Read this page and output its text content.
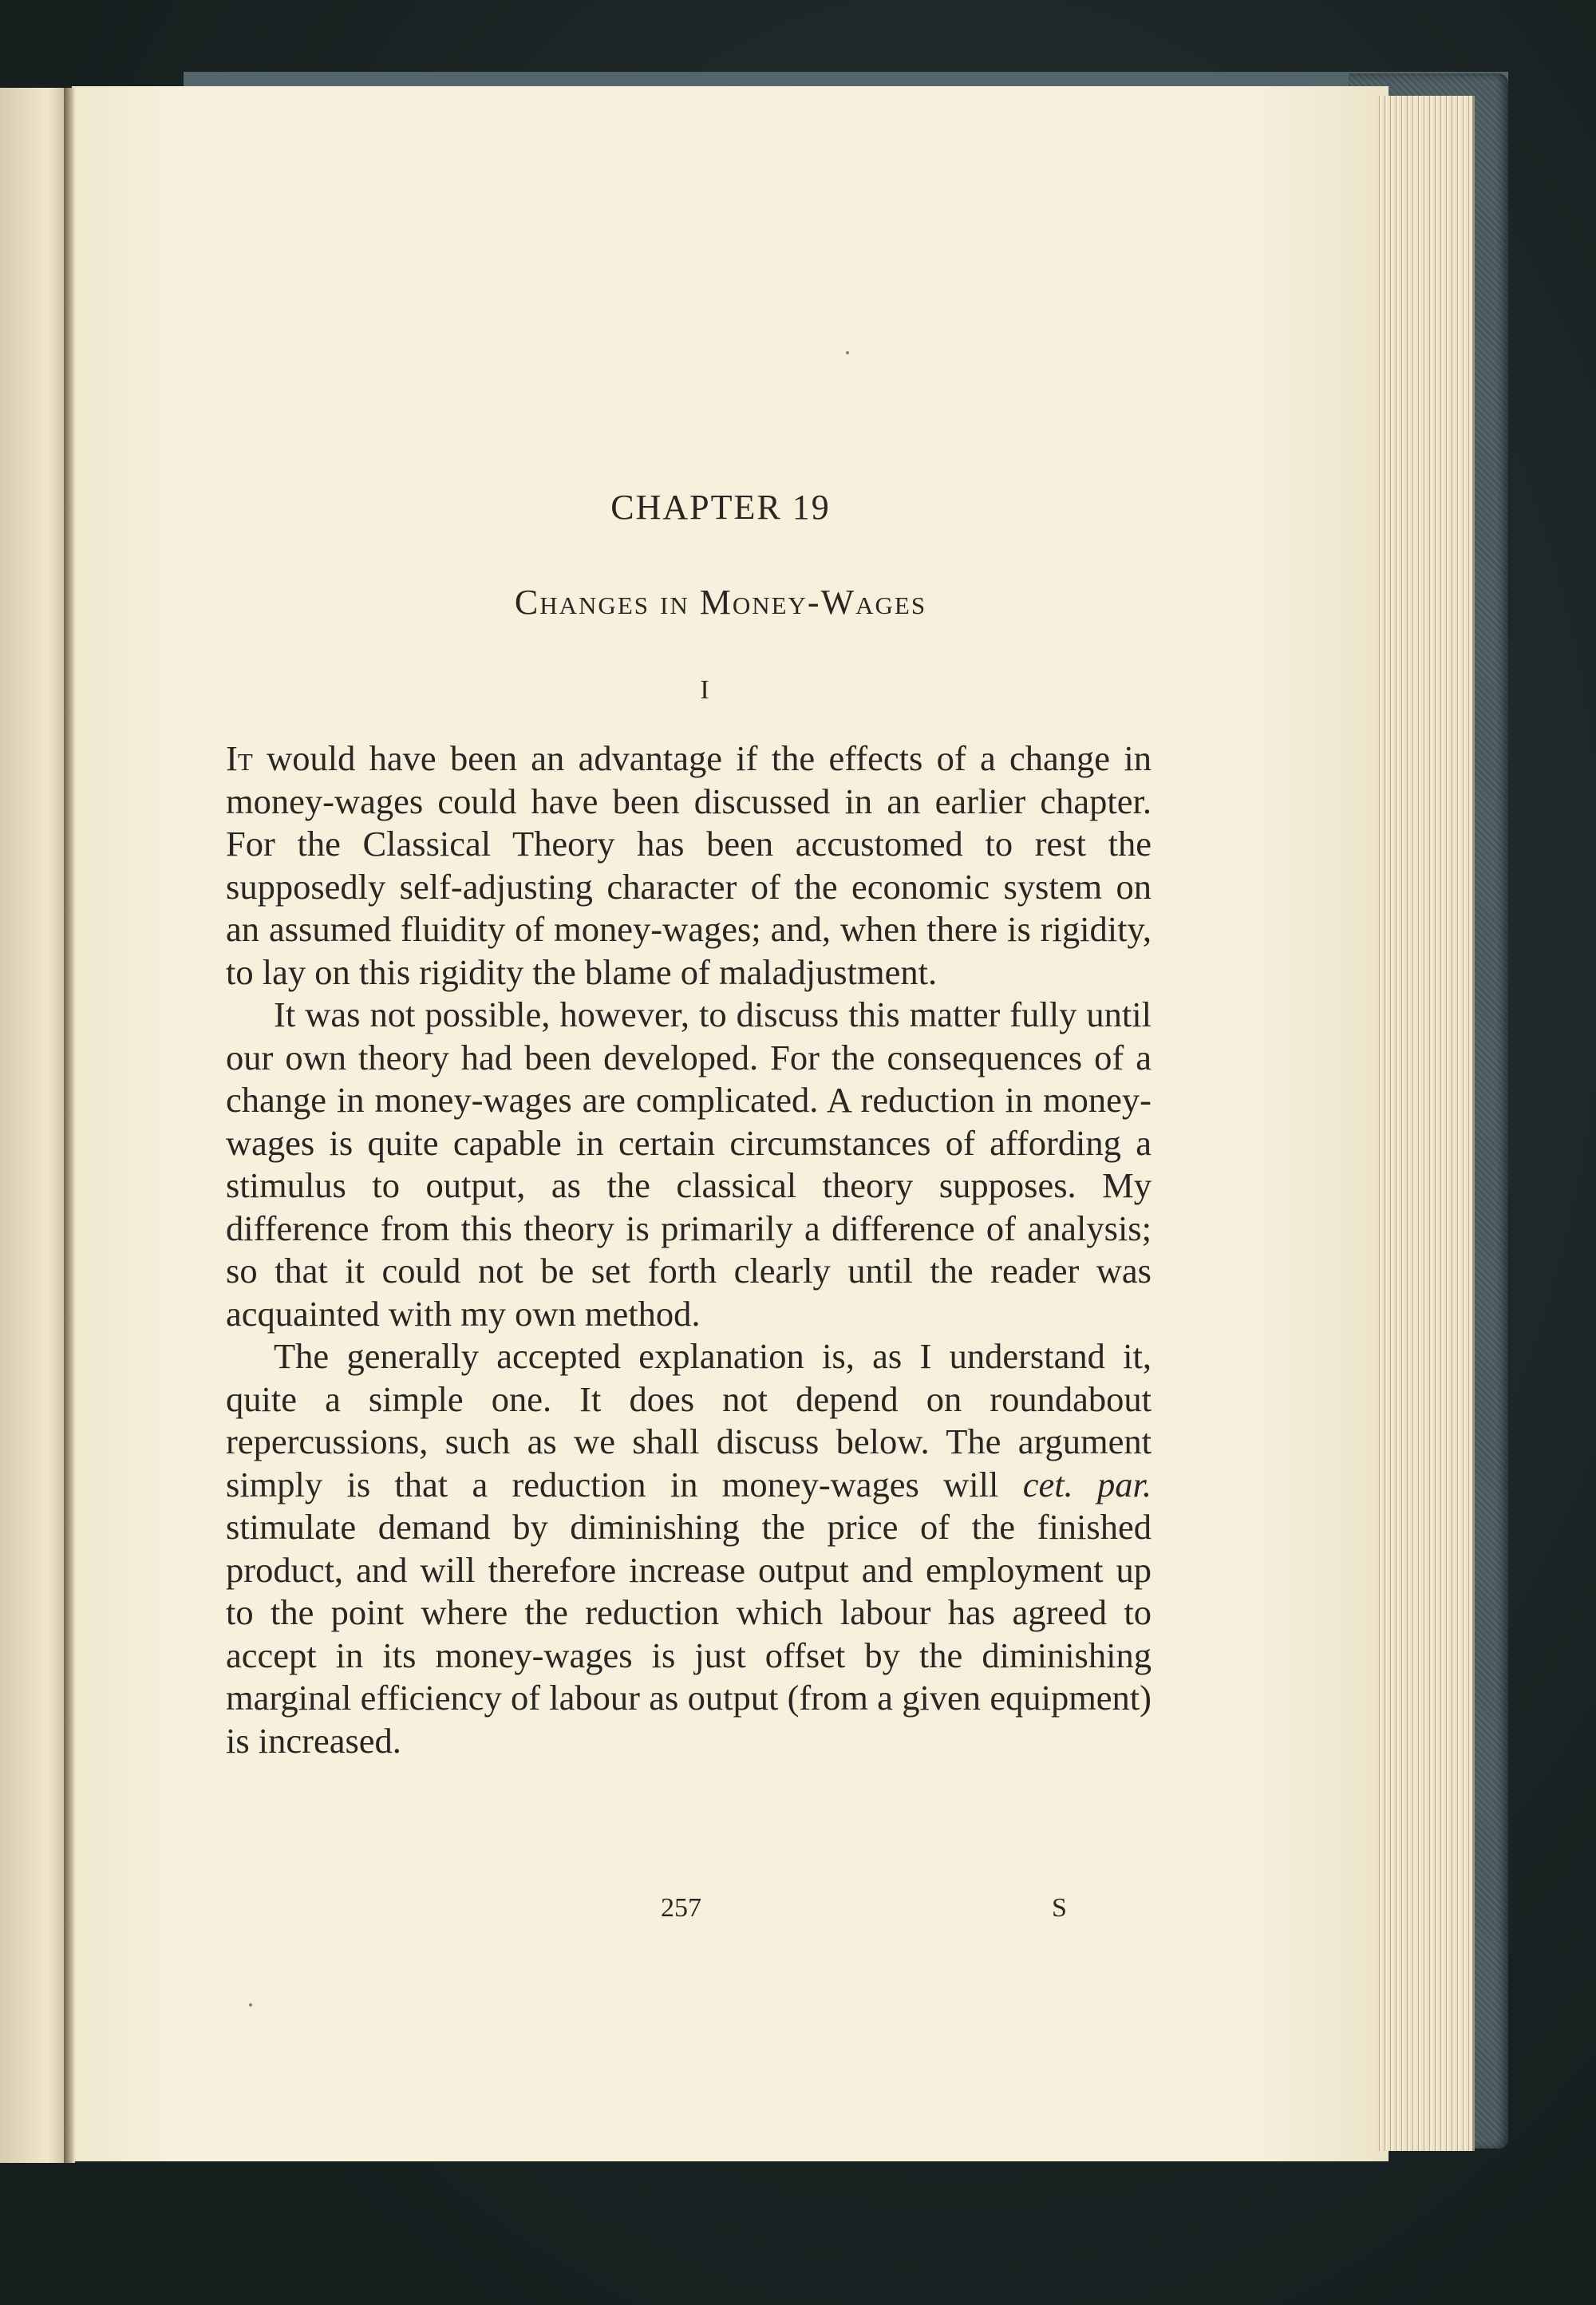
CHAPTER 19
Changes in Money-Wages
I

It would have been an advantage if the effects of a change in money-wages could have been discussed in an earlier chapter. For the Classical Theory has been accustomed to rest the supposedly self-adjusting character of the economic system on an assumed fluidity of money-wages; and, when there is rigidity, to lay on this rigidity the blame of maladjustment.

It was not possible, however, to discuss this matter fully until our own theory had been developed. For the consequences of a change in money-wages are complicated. A reduction in money-wages is quite capable in certain circumstances of affording a stimulus to output, as the classical theory supposes. My difference from this theory is primarily a difference of analysis; so that it could not be set forth clearly until the reader was acquainted with my own method.

The generally accepted explanation is, as I understand it, quite a simple one. It does not depend on roundabout repercussions, such as we shall discuss below. The argument simply is that a reduction in money-wages will cet. par. stimulate demand by diminishing the price of the finished product, and will therefore increase output and employment up to the point where the reduction which labour has agreed to accept in its money-wages is just offset by the diminishing marginal efficiency of labour as output (from a given equipment) is increased.

257	S
